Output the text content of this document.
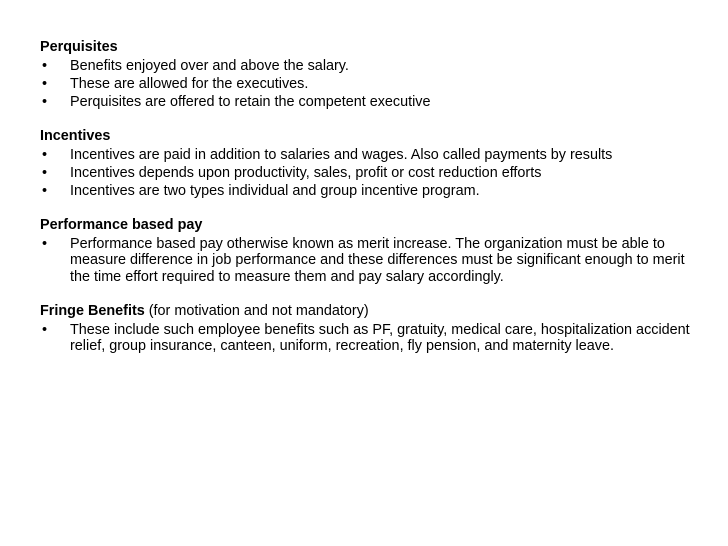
Perquisites
• Benefits enjoyed over and above the salary.
• These are allowed for the executives.
• Perquisites are offered to retain the competent executive
Incentives
• Incentives are paid in addition to salaries and wages. Also called payments by results
• Incentives depends upon productivity, sales, profit or cost reduction efforts
• Incentives are two types individual and group incentive program.
Performance based pay
• Performance based pay otherwise known as merit increase. The organization must be able to measure difference in job performance and these differences must be significant enough to merit the time effort required to measure them and pay salary accordingly.
Fringe Benefits (for motivation and not mandatory)
• These include such employee benefits such as PF, gratuity, medical care, hospitalization accident relief, group insurance, canteen, uniform, recreation, fly pension, and maternity leave.
